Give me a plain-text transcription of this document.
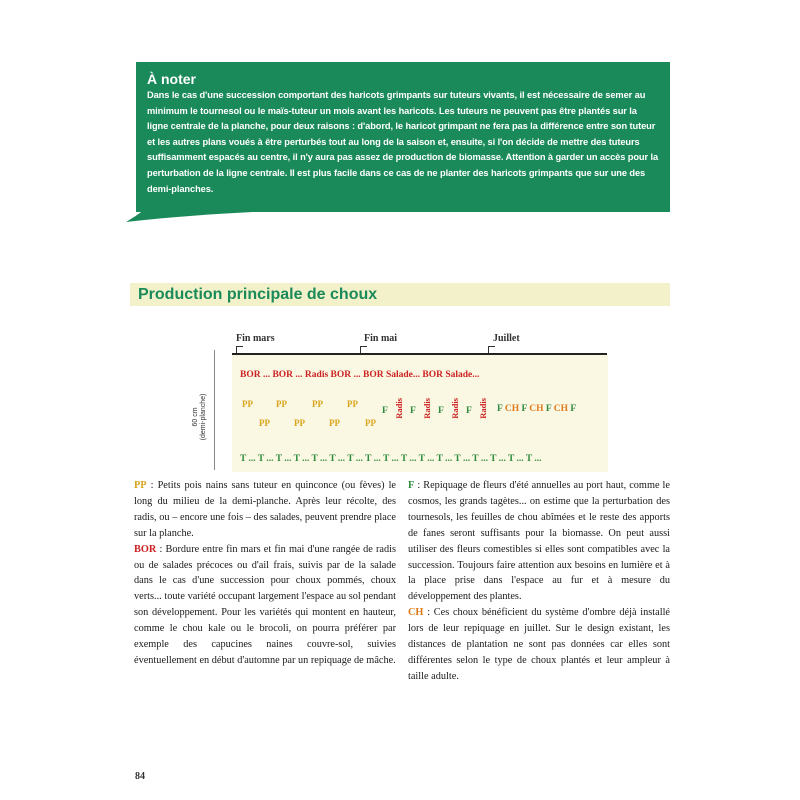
À noter
Dans le cas d'une succession comportant des haricots grimpants sur tuteurs vivants, il est nécessaire de semer au minimum le tournesol ou le maïs-tuteur un mois avant les haricots. Les tuteurs ne peuvent pas être plantés sur la ligne centrale de la planche, pour deux raisons : d'abord, le haricot grimpant ne fera pas la différence entre son tuteur et les autres plans voués à être perturbés tout au long de la saison et, ensuite, si l'on décide de mettre des tuteurs suffisamment espacés au centre, il n'y aura pas assez de production de biomasse. Attention à garder un accès pour la perturbation de la ligne centrale. Il est plus facile dans ce cas de ne planter des haricots grimpants que sur une des demi-planches.
Production principale de choux
Fin mars	Fin mai	Juillet
60 cm (demi-planche)
BOR ... BOR ... Radis BOR ... BOR Salade... BOR Salade...
PP	PP	PP	PP
PP	PP	PP	PP
F Radis F Radis F Radis F Radis F CH F CH F CH F
T ... T ... T ... T ... T ... T ... T ... T ... T ... T ... T ... T ... T ... T ... T ... T ... T ...

PP : Petits pois nains sans tuteur en quinconce (ou fèves) le long du milieu de la demi-planche. Après leur récolte, des radis, ou – encore une fois – des salades, peuvent prendre place sur la planche.

BOR : Bordure entre fin mars et fin mai d'une rangée de radis ou de salades précoces ou d'ail frais, suivis par de la salade dans le cas d'une succession pour choux pommés, choux verts... toute variété occupant largement l'espace au sol pendant son développement. Pour les variétés qui montent en hauteur, comme le chou kale ou le brocoli, on pourra préférer par exemple des capucines naines couvre-sol, suivies éventuellement en début d'automne par un repiquage de mâche.

F : Repiquage de fleurs d'été annuelles au port haut, comme le cosmos, les grands tagètes... on estime que la perturbation des tournesols, les feuilles de chou abîmées et le reste des apports de fanes seront suffisants pour la biomasse. On peut aussi utiliser des fleurs comestibles si elles sont compatibles avec la succession. Toujours faire attention aux besoins en lumière et à la place prise dans l'espace au fur et à mesure du développement des plantes.

CH : Ces choux bénéficient du système d'ombre déjà installé lors de leur repiquage en juillet. Sur le design existant, les distances de plantation ne sont pas données car elles sont différentes selon le type de choux plantés et leur ampleur à taille adulte.

84
